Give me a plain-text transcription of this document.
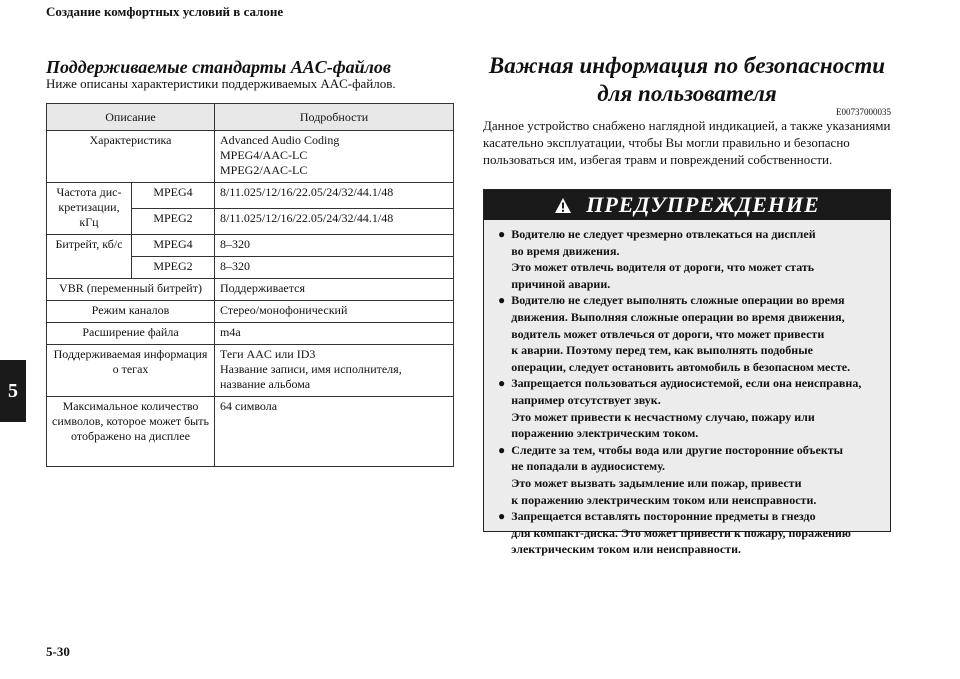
Создание комфортных условий в салоне
5
Поддерживаемые стандарты AAC-файлов
Ниже описаны характеристики поддерживаемых AAC-файлов.
Описание		Подробности
Характеристика		Advanced Audio Coding
MPEG4/AAC-LC
MPEG2/AAC-LC
Частота дис-
кретизации,
кГц	MPEG4	8/11.025/12/16/22.05/24/32/44.1/48
	MPEG2	8/11.025/12/16/22.05/24/32/44.1/48
Битрейт, кб/с	MPEG4	8–320
	MPEG2	8–320
VBR (переменный битрейт)		Поддерживается
Режим каналов		Стерео/монофонический
Расширение файла		m4a
Поддерживаемая информация о тегах		Теги AAC или ID3
Название записи, имя исполнителя, название альбома
Максимальное количество символов, которое может быть отображено на дисплее		64 символа
Важная информация по безопасности
для пользователя
E00737000035
Данное устройство снабжено наглядной индикацией, а также указаниями касательно эксплуатации, чтобы Вы могли правильно и безопасно пользоваться им, избегая травм и повреждений собственности.
ПРЕДУПРЕЖДЕНИЕ
● Водителю не следует чрезмерно отвлекаться на дисплей
во время движения.
Это может отвлечь водителя от дороги, что может стать
причиной аварии.
● Водителю не следует выполнять сложные операции во время
движения. Выполняя сложные операции во время движения,
водитель может отвлечься от дороги, что может привести
к аварии. Поэтому перед тем, как выполнять подобные
операции, следует остановить автомобиль в безопасном месте.
● Запрещается пользоваться аудиосистемой, если она неисправна,
например отсутствует звук.
Это может привести к несчастному случаю, пожару или
поражению электрическим током.
● Следите за тем, чтобы вода или другие посторонние объекты
не попадали в аудиосистему.
Это может вызвать задымление или пожар, привести
к поражению электрическим током или неисправности.
● Запрещается вставлять посторонние предметы в гнездо
для компакт-диска. Это может привести к пожару, поражению
электрическим током или неисправности.
5-30
